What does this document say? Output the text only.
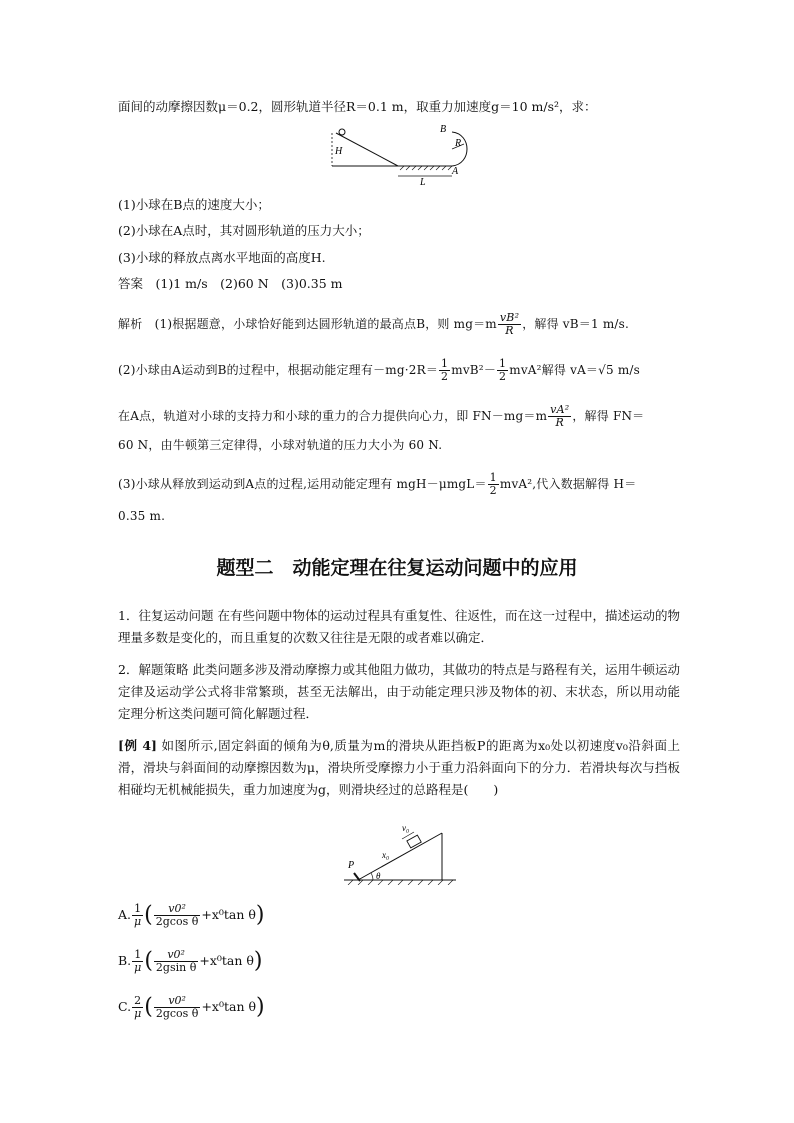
面间的动摩擦因数μ＝0.2，圆形轨道半径R＝0.1 m，取重力加速度g＝10 m/s²，求：
H
L
A
B
R
(1)小球在B点的速度大小；
(2)小球在A点时，其对圆形轨道的压力大小；
(3)小球的释放点离水平地面的高度H.
答案　(1)1 m/s　(2)60 N　(3)0.35 m
解析　(1)根据题意，小球恰好能到达圆形轨道的最高点B，则 $mg=m \frac{\text{vB²}}{R}$ ，解得 vB＝1 m/s.
(2)小球由A运动到B的过程中，根据动能定理有$-mg\cdot 2R= \frac{1}{2} mvB^2- \frac{1}{2} mvA^2$解得 vA＝√5 m/s
在A点，轨道对小球的支持力和小球的重力的合力提供向心力，即 $FN-mg=m \frac{\text{vA²}}{R}$ ，解得 FN＝
60 N，由牛顿第三定律得，小球对轨道的压力大小为 60 N.
(3)小球从释放到运动到A点的过程,运用动能定理有 $mgH-\mu mgL= \frac{1}{2} mvA^2$,代入数据解得 H＝
0.35 m.
题型二　动能定理在往复运动问题中的应用
1．往复运动问题 在有些问题中物体的运动过程具有重复性、往返性，而在这一过程中，描述运动的物理量多数是变化的，而且重复的次数又往往是无限的或者难以确定．
2．解题策略 此类问题多涉及滑动摩擦力或其他阻力做功，其做功的特点是与路程有关，运用牛顿运动定律及运动学公式将非常繁琐，甚至无法解出，由于动能定理只涉及物体的初、末状态，所以用动能定理分析这类问题可简化解题过程．
[例 4] 如图所示,固定斜面的倾角为θ,质量为m的滑块从距挡板P的距离为x₀处以初速度v₀沿斜面上滑，滑块与斜面间的动摩擦因数为μ，滑块所受摩擦力小于重力沿斜面向下的分力．若滑块每次与挡板相碰均无机械能损失，重力加速度为g，则滑块经过的总路程是(　　)
v₀
x₀
P
θ
A. $\frac{1}{\mu}$ ( $\frac{\text{v0²}}{\text{2gcos θ}} +x^0\tan$ θ)
B. $\frac{1}{\mu}$ ( $\frac{\text{v0²}}{\text{2gsin θ}} +x^0\tan$ θ)
C. $\frac{2}{\mu}$ ( $\frac{\text{v0²}}{\text{2gcos θ}} +x^0\tan$ θ)
